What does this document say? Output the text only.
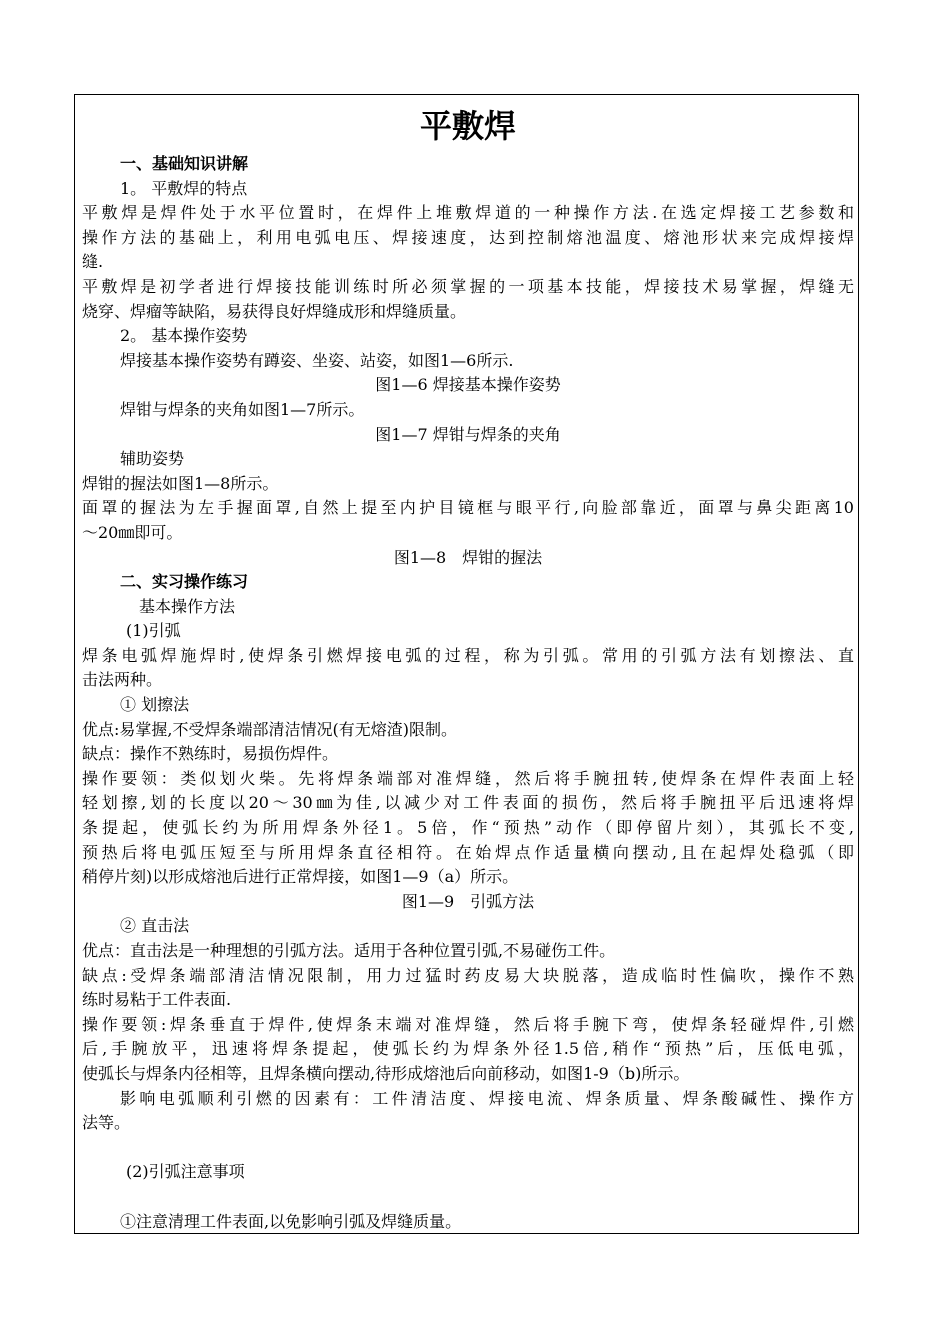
平敷焊
一、基础知识讲解
1。 平敷焊的特点
平敷焊是焊件处于水平位置时，在焊件上堆敷焊道的一种操作方法.在选定焊接工艺参数和
操作方法的基础上，利用电弧电压、焊接速度，达到控制熔池温度、熔池形状来完成焊接焊
缝.
平敷焊是初学者进行焊接技能训练时所必须掌握的一项基本技能，焊接技术易掌握，焊缝无
烧穿、焊瘤等缺陷，易获得良好焊缝成形和焊缝质量。
2。 基本操作姿势
焊接基本操作姿势有蹲姿、坐姿、站姿，如图1—6所示.
图1—6 焊接基本操作姿势
焊钳与焊条的夹角如图1—7所示。
图1—7 焊钳与焊条的夹角
辅助姿势
焊钳的握法如图1—8所示。
面罩的握法为左手握面罩,自然上提至内护目镜框与眼平行,向脸部靠近，面罩与鼻尖距离10
～20㎜即可。
图1—8　焊钳的握法
二、实习操作练习
基本操作方法
(1)引弧
焊条电弧焊施焊时,使焊条引燃焊接电弧的过程，称为引弧。常用的引弧方法有划擦法、直
击法两种。
① 划擦法
优点:易掌握,不受焊条端部清洁情况(有无熔渣)限制。
缺点：操作不熟练时，易损伤焊件。
操作要领：类似划火柴。先将焊条端部对准焊缝，然后将手腕扭转,使焊条在焊件表面上轻
轻划擦,划的长度以20～30㎜为佳,以减少对工件表面的损伤，然后将手腕扭平后迅速将焊
条提起，使弧长约为所用焊条外径1。5倍，作“预热”动作（即停留片刻），其弧长不变,
预热后将电弧压短至与所用焊条直径相符。在始焊点作适量横向摆动,且在起焊处稳弧（即
稍停片刻)以形成熔池后进行正常焊接，如图1—9（a）所示。
图1—9　引弧方法
② 直击法
优点：直击法是一种理想的引弧方法。适用于各种位置引弧,不易碰伤工件。
缺点:受焊条端部清洁情况限制，用力过猛时药皮易大块脱落，造成临时性偏吹，操作不熟
练时易粘于工件表面.
操作要领:焊条垂直于焊件,使焊条末端对准焊缝，然后将手腕下弯，使焊条轻碰焊件,引燃
后,手腕放平，迅速将焊条提起，使弧长约为焊条外径1.5倍,稍作“预热”后，压低电弧，
使弧长与焊条内径相等，且焊条横向摆动,待形成熔池后向前移动，如图1-9（b)所示。
影响电弧顺利引燃的因素有：工件清洁度、焊接电流、焊条质量、焊条酸碱性、操作方
法等。
(2)引弧注意事项
①注意清理工件表面,以免影响引弧及焊缝质量。
